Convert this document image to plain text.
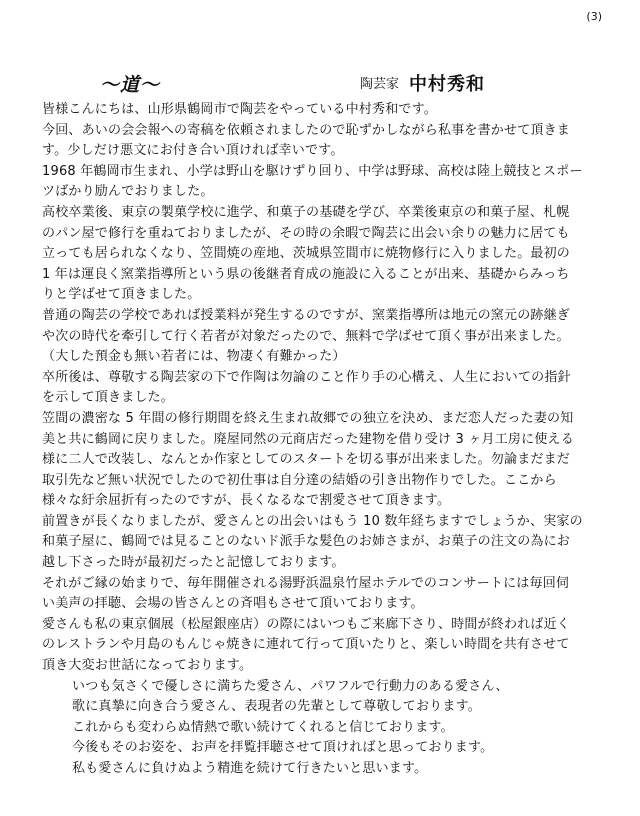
(3)
～道～	陶芸家 中村秀和
皆様こんにちは、山形県鶴岡市で陶芸をやっている中村秀和です。
今回、あいの会会報への寄稿を依頼されましたので恥ずかしながら私事を書かせて頂きま
す。少しだけ悪文にお付き合い頂ければ幸いです。
1968 年鶴岡市生まれ、小学は野山を駆けずり回り、中学は野球、高校は陸上競技とスポー
ツばかり励んでおりました。
高校卒業後、東京の製菓学校に進学、和菓子の基礎を学び、卒業後東京の和菓子屋、札幌
のパン屋で修行を重ねておりましたが、その時の余暇で陶芸に出会い余りの魅力に居ても
立っても居られなくなり、笠間焼の産地、茨城県笠間市に焼物修行に入りました。最初の
1 年は運良く窯業指導所という県の後継者育成の施設に入ることが出来、基礎からみっち
りと学ばせて頂きました。
普通の陶芸の学校であれば授業料が発生するのですが、窯業指導所は地元の窯元の跡継ぎ
や次の時代を牽引して行く若者が対象だったので、無料で学ばせて頂く事が出来ました。
（大した預金も無い若者には、物凄く有難かった）
卒所後は、尊敬する陶芸家の下で作陶は勿論のこと作り手の心構え、人生においての指針
を示して頂きました。
笠間の濃密な 5 年間の修行期間を終え生まれ故郷での独立を決め、まだ恋人だった妻の知
美と共に鶴岡に戻りました。廃屋同然の元商店だった建物を借り受け 3 ヶ月工房に使える
様に二人で改装し、なんとか作家としてのスタートを切る事が出来ました。勿論まだまだ
取引先など無い状況でしたので初仕事は自分達の結婚の引き出物作りでした。ここから
様々な紆余屈折有ったのですが、長くなるなで割愛させて頂きます。
前置きが長くなりましたが、愛さんとの出会いはもう 10 数年経ちますでしょうか、実家の
和菓子屋に、鶴岡では見ることのないド派手な髪色のお姉さまが、お菓子の注文の為にお
越し下さった時が最初だったと記憶しております。
それがご縁の始まりで、毎年開催される湯野浜温泉竹屋ホテルでのコンサートには毎回伺
い美声の拝聴、会場の皆さんとの斉唱もさせて頂いております。
愛さんも私の東京個展（松屋銀座店）の際にはいつもご来廊下さり、時間が終われば近く
のレストランや月島のもんじゃ焼きに連れて行って頂いたりと、楽しい時間を共有させて
頂き大変お世話になっております。
いつも気さくで優しさに満ちた愛さん、パワフルで行動力のある愛さん、
歌に真摯に向き合う愛さん、表現者の先輩として尊敬しております。
これからも変わらぬ情熱で歌い続けてくれると信じております。
今後もそのお姿を、お声を拝覧拝聴させて頂ければと思っております。
私も愛さんに負けぬよう精進を続けて行きたいと思います。
